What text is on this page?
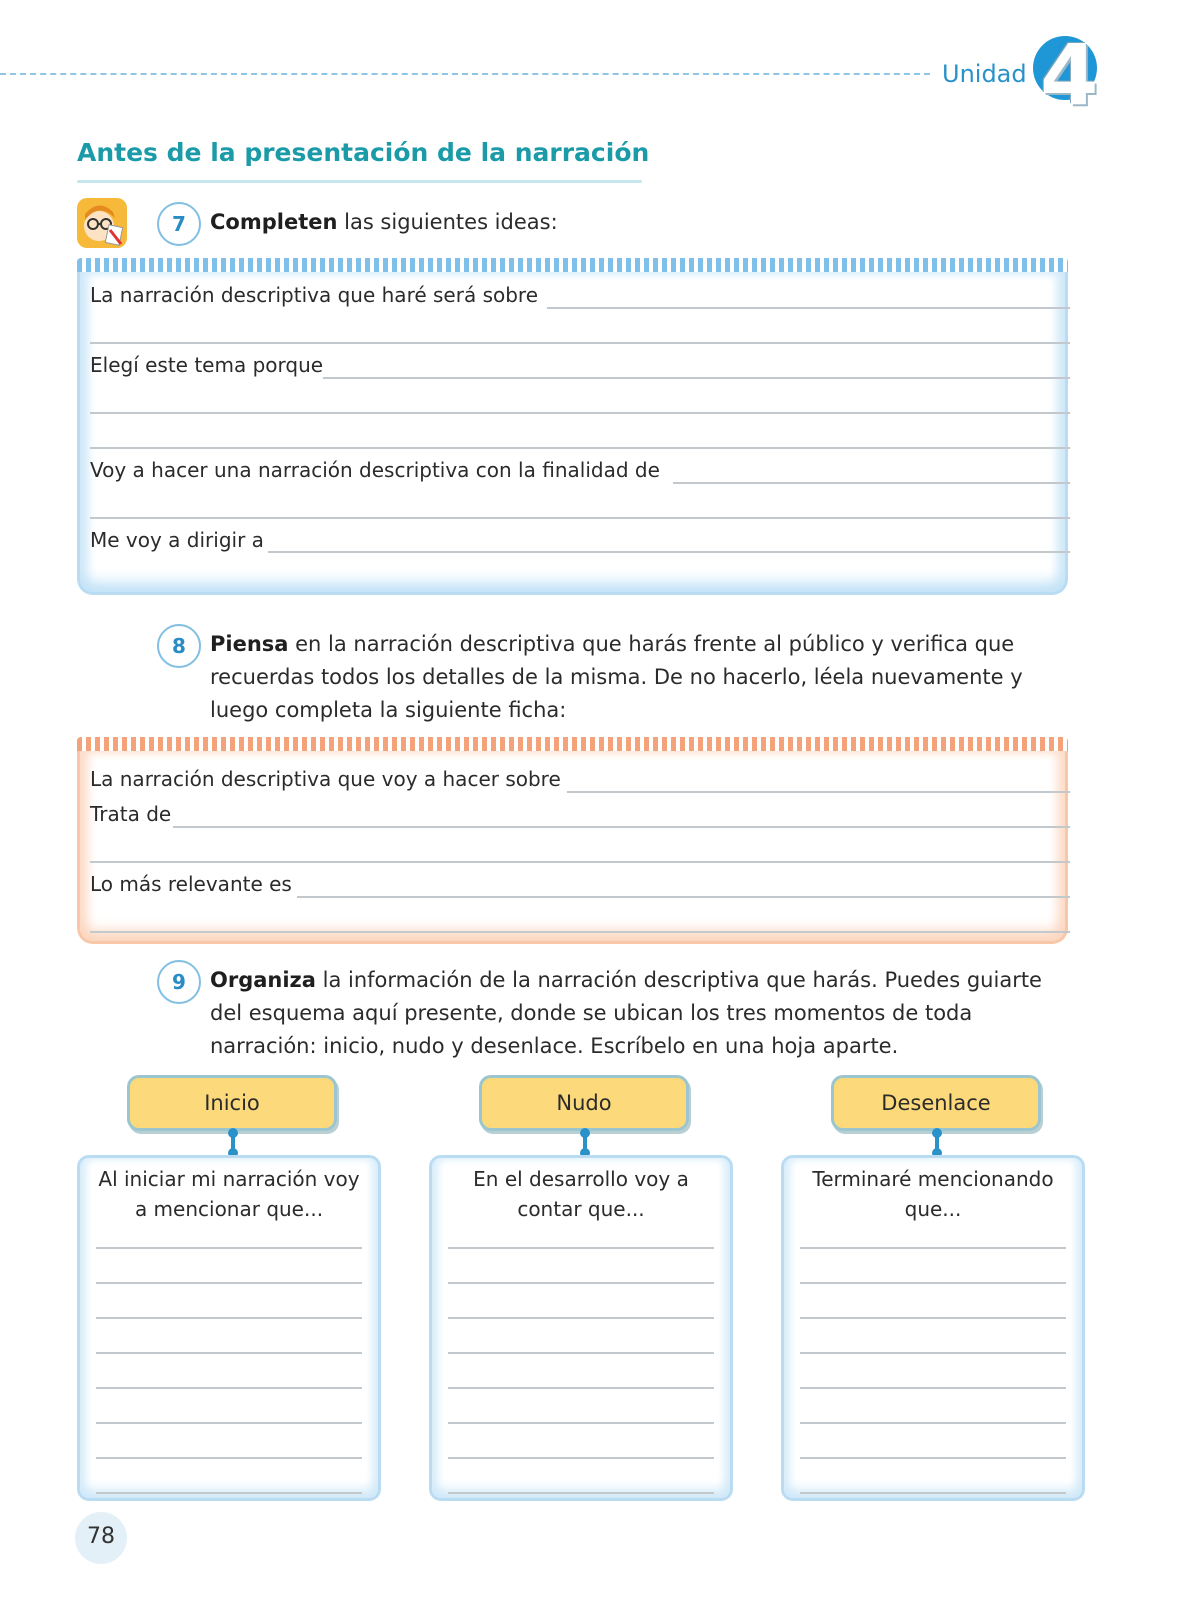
Unidad 4
Antes de la presentación de la narración
7	Completen las siguientes ideas:
La narración descriptiva que haré será sobre
Elegí este tema porque
Voy a hacer una narración descriptiva con la finalidad de
Me voy a dirigir a
8	Piensa en la narración descriptiva que harás frente al público y verifica que
recuerdas todos los detalles de la misma. De no hacerlo, léela nuevamente y
luego completa la siguiente ficha:
La narración descriptiva que voy a hacer sobre
Trata de
Lo más relevante es
9	Organiza la información de la narración descriptiva que harás. Puedes guiarte
del esquema aquí presente, donde se ubican los tres momentos de toda
narración: inicio, nudo y desenlace. Escríbelo en una hoja aparte.
Inicio
Al iniciar mi narración voy
a mencionar que...
Nudo
En el desarrollo voy a
contar que...
Desenlace
Terminaré mencionando
que...
78
